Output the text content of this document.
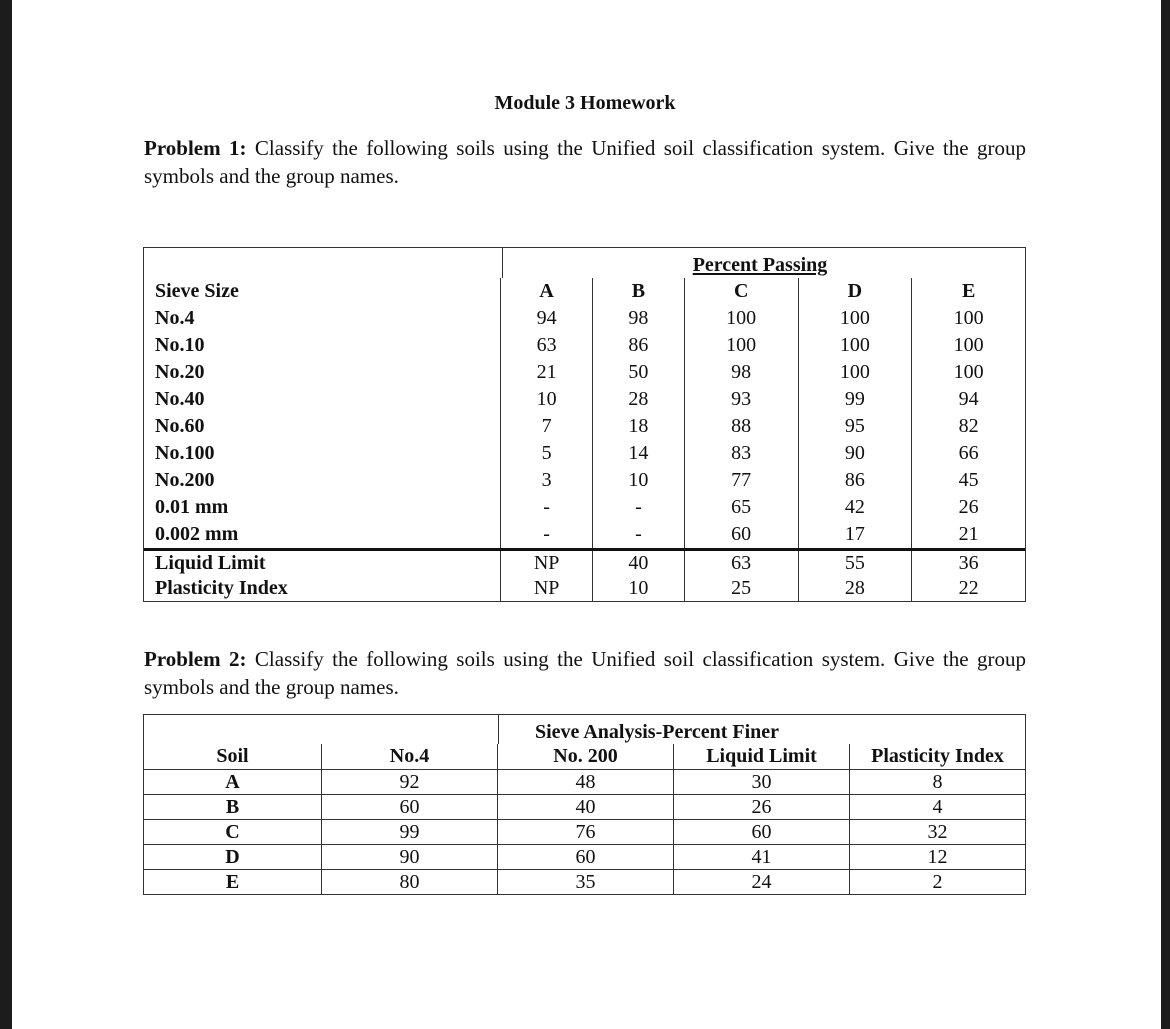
Module 3 Homework
Problem 1: Classify the following soils using the Unified soil classification system. Give the group symbols and the group names.
Percent Passing
Sieve Size	A	B	C	D	E
No.4	94	98	100	100	100
No.10	63	86	100	100	100
No.20	21	50	98	100	100
No.40	10	28	93	99	94
No.60	7	18	88	95	82
No.100	5	14	83	90	66
No.200	3	10	77	86	45
0.01 mm	-	-	65	42	26
0.002 mm	-	-	60	17	21
Liquid Limit	NP	40	63	55	36
Plasticity Index	NP	10	25	28	22
Problem 2: Classify the following soils using the Unified soil classification system. Give the group symbols and the group names.
Sieve Analysis-Percent Finer
Soil	No.4	No. 200	Liquid Limit	Plasticity Index
A	92	48	30	8
B	60	40	26	4
C	99	76	60	32
D	90	60	41	12
E	80	35	24	2
